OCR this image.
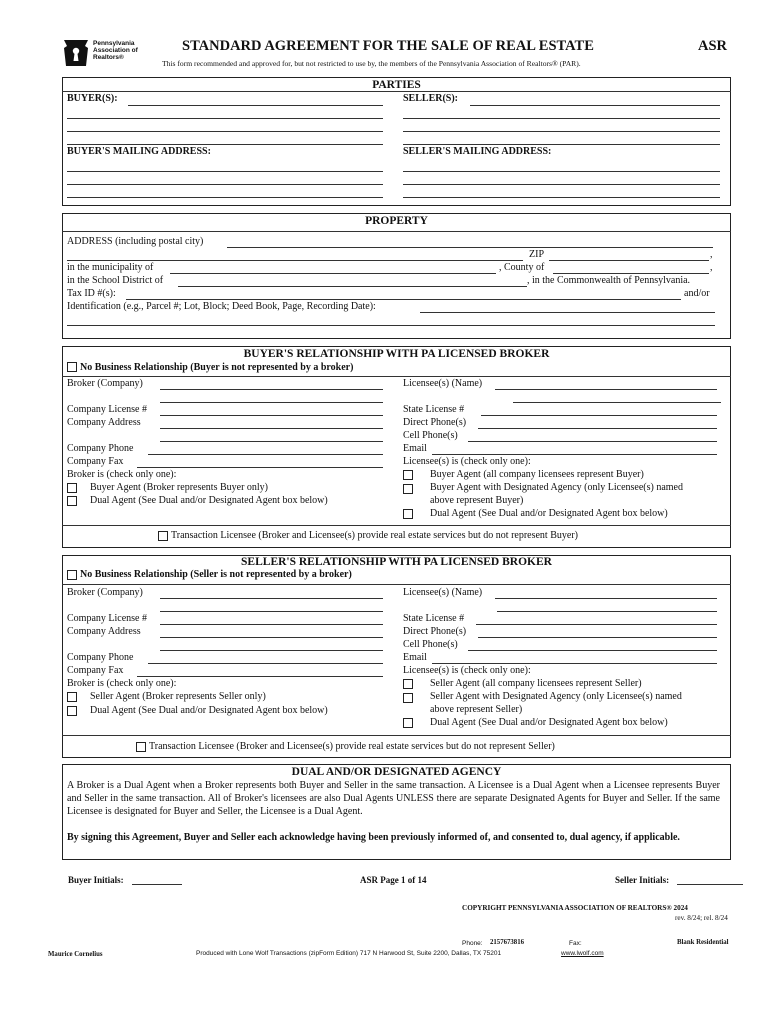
Pennsylvania
Association of
Realtors®
STANDARD AGREEMENT FOR THE SALE OF REAL ESTATE	ASR
This form recommended and approved for, but not restricted to use by, the members of the Pennsylvania Association of Realtors® (PAR).
PARTIES
BUYER(S):
BUYER'S MAILING ADDRESS:
SELLER(S):
SELLER'S MAILING ADDRESS:
PROPERTY
ADDRESS (including postal city)
ZIP	,
in the municipality of	, County of	,
in the School District of	, in the Commonwealth of Pennsylvania.
Tax ID #(s):	and/or
Identification (e.g., Parcel #; Lot, Block; Deed Book, Page, Recording Date):
BUYER'S RELATIONSHIP WITH PA LICENSED BROKER
No Business Relationship (Buyer is not represented by a broker)
Broker (Company)
Company License #
Company Address
Company Phone
Company Fax
Broker is (check only one):
Buyer Agent (Broker represents Buyer only)
Dual Agent (See Dual and/or Designated Agent box below)
Licensee(s) (Name)
State License #
Direct Phone(s)
Cell Phone(s)
Email
Licensee(s) is (check only one):
Buyer Agent (all company licensees represent Buyer)
Buyer Agent with Designated Agency (only Licensee(s) named
above represent Buyer)
Dual Agent (See Dual and/or Designated Agent box below)
Transaction Licensee (Broker and Licensee(s) provide real estate services but do not represent Buyer)
SELLER'S RELATIONSHIP WITH PA LICENSED BROKER
No Business Relationship (Seller is not represented by a broker)
Broker (Company)
Company License #
Company Address
Company Phone
Company Fax
Broker is (check only one):
Seller Agent (Broker represents Seller only)
Dual Agent (See Dual and/or Designated Agent box below)
Licensee(s) (Name)
State License #
Direct Phone(s)
Cell Phone(s)
Email
Licensee(s) is (check only one):
Seller Agent (all company licensees represent Seller)
Seller Agent with Designated Agency (only Licensee(s) named
above represent Seller)
Dual Agent (See Dual and/or Designated Agent box below)
Transaction Licensee (Broker and Licensee(s) provide real estate services but do not represent Seller)
DUAL AND/OR DESIGNATED AGENCY
A Broker is a Dual Agent when a Broker represents both Buyer and Seller in the same transaction. A Licensee is a Dual Agent when a Licensee represents Buyer and Seller in the same transaction. All of Broker's licensees are also Dual Agents UNLESS there are separate Designated Agents for Buyer and Seller. If the same Licensee is designated for Buyer and Seller, the Licensee is a Dual Agent.
By signing this Agreement, Buyer and Seller each acknowledge having been previously informed of, and consented to, dual agency, if applicable.
Buyer Initials:	ASR Page 1 of 14	Seller Initials:
COPYRIGHT PENNSYLVANIA ASSOCIATION OF REALTORS® 2024
rev. 8/24; rel. 8/24
Phone: 2157673816	Fax:	Blank Residential
Maurice Cornelius	Produced with Lone Wolf Transactions (zipForm Edition) 717 N Harwood St, Suite 2200, Dallas, TX 75201	www.lwolf.com
